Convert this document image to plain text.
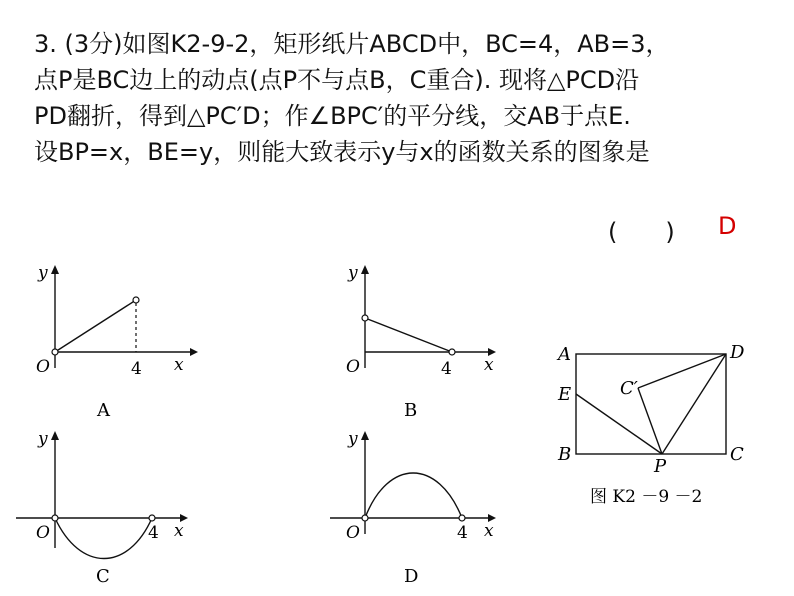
3. (3分)如图K2-9-2，矩形纸片ABCD中，BC=4，AB=3，
点P是BC边上的动点(点P不与点B，C重合). 现将△PCD沿
PD翻折，得到△PC′D；作∠BPC′的平分线，交AB于点E.
设BP=x，BE=y，则能大致表示y与x的函数关系的图象是
(　　) D
y
x
O	4
A
y
x
O	4
B
y
x
O	4
C
y
x
O	4
D
A	D
E
B	C
P
C′
图 K2 －9 －2
